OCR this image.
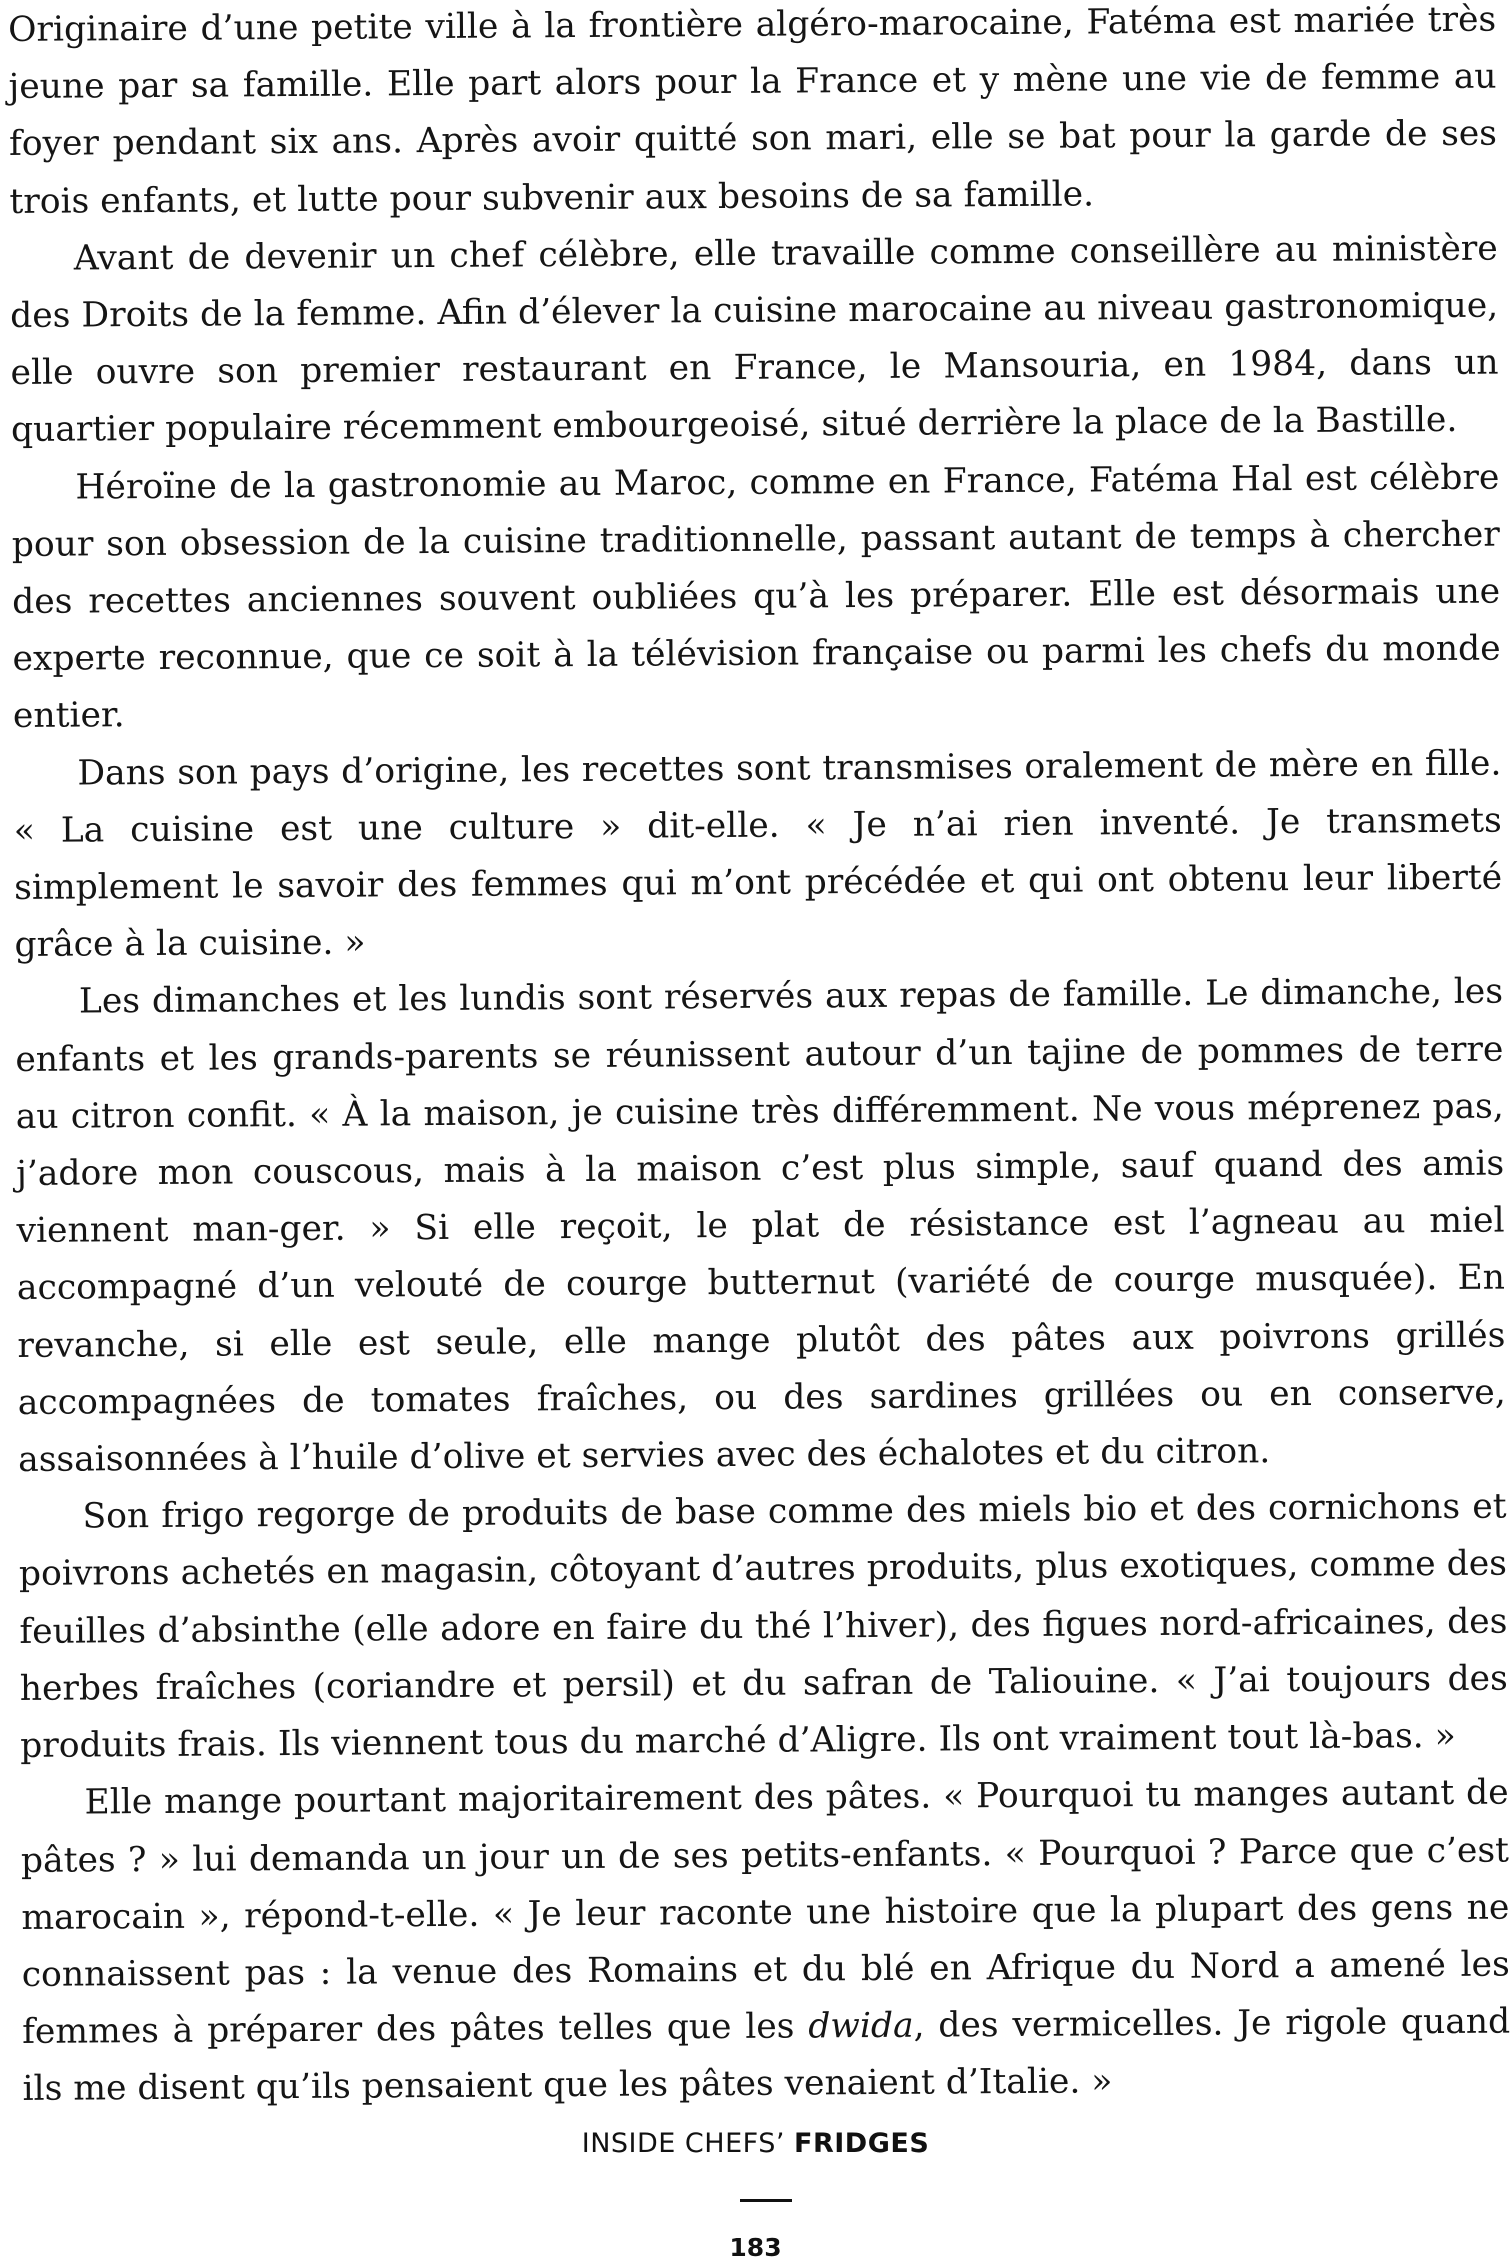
Originaire d’une petite ville à la frontière algéro-marocaine, Fatéma est mariée très jeune par sa famille. Elle part alors pour la France et y mène une vie de femme au foyer pendant six ans. Après avoir quitté son mari, elle se bat pour la garde de ses trois enfants, et lutte pour subvenir aux besoins de sa famille.

Avant de devenir un chef célèbre, elle travaille comme conseillère au ministère des Droits de la femme. Afin d’élever la cuisine marocaine au niveau gastronomique, elle ouvre son premier restaurant en France, le Mansouria, en 1984, dans un quartier populaire récemment embourgeoisé, situé derrière la place de la Bastille.

Héroïne de la gastronomie au Maroc, comme en France, Fatéma Hal est célèbre pour son obsession de la cuisine traditionnelle, passant autant de temps à chercher des recettes anciennes souvent oubliées qu’à les préparer. Elle est désormais une experte reconnue, que ce soit à la télévision française ou parmi les chefs du monde entier.

Dans son pays d’origine, les recettes sont transmises oralement de mère en fille. « La cuisine est une culture » dit-elle. « Je n’ai rien inventé. Je transmets simplement le savoir des femmes qui m’ont précédée et qui ont obtenu leur liberté grâce à la cuisine. »

Les dimanches et les lundis sont réservés aux repas de famille. Le dimanche, les enfants et les grands-parents se réunissent autour d’un tajine de pommes de terre au citron confit. « À la maison, je cuisine très différemment. Ne vous méprenez pas, j’adore mon couscous, mais à la maison c’est plus simple, sauf quand des amis viennent man-ger. » Si elle reçoit, le plat de résistance est l’agneau au miel accompagné d’un velouté de courge butternut (variété de courge musquée). En revanche, si elle est seule, elle mange plutôt des pâtes aux poivrons grillés accompagnées de tomates fraîches, ou des sardines grillées ou en conserve, assaisonnées à l’huile d’olive et servies avec des échalotes et du citron.

Son frigo regorge de produits de base comme des miels bio et des cornichons et poivrons achetés en magasin, côtoyant d’autres produits, plus exotiques, comme des feuilles d’absinthe (elle adore en faire du thé l’hiver), des figues nord-africaines, des herbes fraîches (coriandre et persil) et du safran de Taliouine. « J’ai toujours des produits frais. Ils viennent tous du marché d’Aligre. Ils ont vraiment tout là-bas. »

Elle mange pourtant majoritairement des pâtes. « Pourquoi tu manges autant de pâtes ? » lui demanda un jour un de ses petits-enfants. « Pourquoi ? Parce que c’est marocain », répond-t-elle. « Je leur raconte une histoire que la plupart des gens ne connaissent pas : la venue des Romains et du blé en Afrique du Nord a amené les femmes à préparer des pâtes telles que les dwida, des vermicelles. Je rigole quand ils me disent qu’ils pensaient que les pâtes venaient d’Italie. »

INSIDE CHEFS’ FRIDGES
183
